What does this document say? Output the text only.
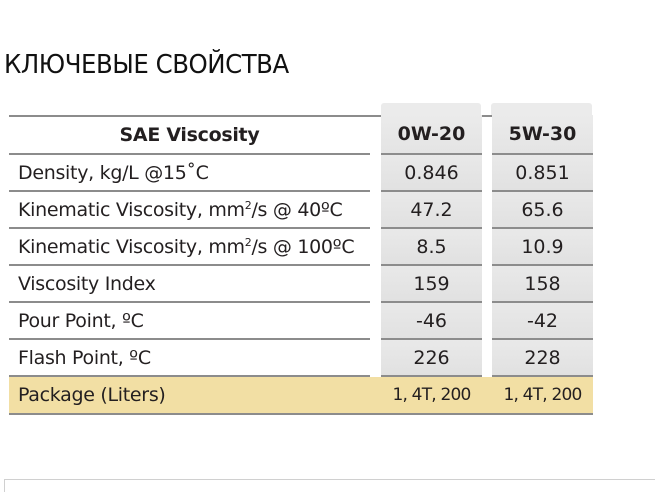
КЛЮЧЕВЫЕ СВОЙСТВА
SAE Viscosity		0W-20		5W-30
Density, kg/L @15˚C		0.846		0.851
Kinematic Viscosity, $mm^2/s$ @ 40ºC		47.2		65.6
Kinematic Viscosity, $mm^2/s$ @ 100ºC		8.5		10.9
Viscosity Index		159		158
Pour Point, ºC		-46		-42
Flash Point, ºC		226		228
Package (Liters)		1, 4T, 200		1, 4T, 200
